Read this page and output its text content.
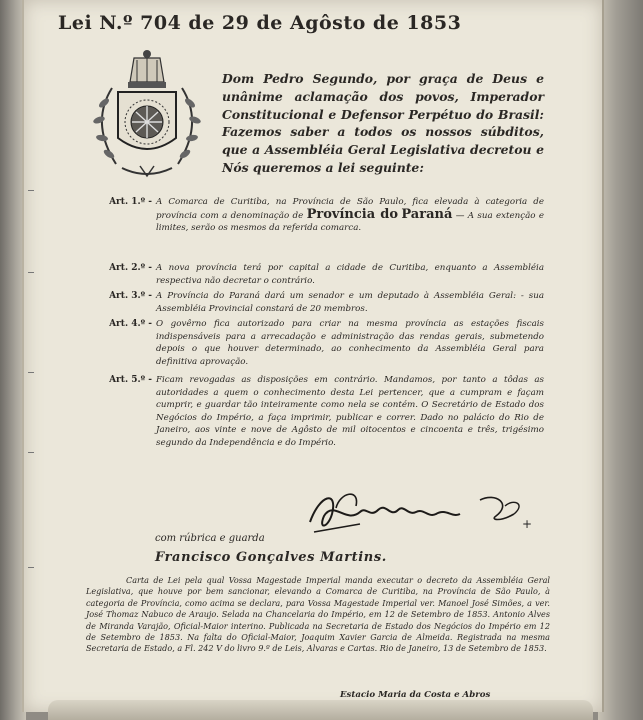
Lei N.º 704 de 29 de Agôsto de 1853
Dom Pedro Segundo, por graça de Deus e unânime aclamação dos povos, Imperador Constitucional e Defensor Perpétuo do Brasil: Fazemos saber a todos os nossos súbditos, que a Assembléia Geral Legislativa decretou e Nós queremos a lei seguinte:
Art. 1.º - A Comarca de Curitiba, na Província de São Paulo, fica elevada à categoria de província com a denominação de Província do Paraná — A sua extenção e limites, serão os mesmos da referida comarca.
Art. 2.º - A nova província terá por capital a cidade de Curitiba, enquanto a Assembléia respectiva não decretar o contrário.
Art. 3.º - A Província do Paraná dará um senador e um deputado à Assembléia Geral: - sua Assembléia Provincial constará de 20 membros.
Art. 4.º - O govêrno fica autorizado para criar na mesma província as estações fiscais indispensáveis para a arrecadação e administração das rendas gerais, submetendo depois o que houver determinado, ao conhecimento da Assembléia Geral para definitiva aprovação.
Art. 5.º - Ficam revogadas as disposições em contrário. Mandamos, por tanto a tôdas as autoridades a quem o conhecimento desta Lei pertencer, que a cumpram e façam cumprir, e guardar tão inteiramente como nela se contém. O Secretário de Estado dos Negócios do Império, a faça imprimir, publicar e correr. Dado no palácio do Rio de Janeiro, aos vinte e nove de Agôsto de mil oitocentos e cincoenta e três, trigésimo segundo da Independência e do Império.
+
com rúbrica e guarda
Francisco Gonçalves Martins.
Carta de Lei pela qual Vossa Magestade Imperial manda executar o decreto da Assembléia Geral Legislativa, que houve por bem sancionar, elevando a Comarca de Curitiba, na Província de São Paulo, à categoria de Província, como acima se declara, para Vossa Magestade Imperial ver. Manoel José Simões, a ver. José Thomaz Nabuco de Araujo. Selada na Chancelaria do Império, em 12 de Setembro de 1853. Antonio Alves de Miranda Varajão, Oficial-Maior interino. Publicada na Secretaria de Estado dos Negócios do Império em 12 de Setembro de 1853. Na falta do Oficial-Maior, Joaquim Xavier Garcia de Almeida. Registrada na mesma Secretaria de Estado, a Fl. 242 V do livro 9.º de Leis, Alvaras e Cartas. Rio de Janeiro, 13 de Setembro de 1853.
Estacio Maria da Costa e Abros
